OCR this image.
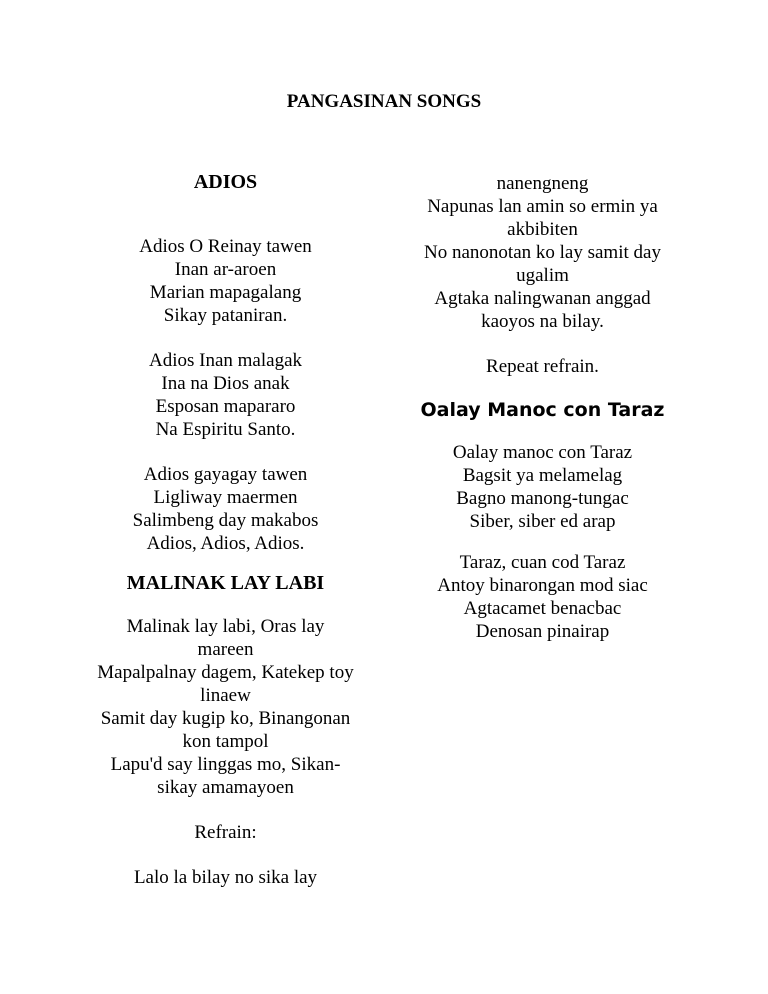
PANGASINAN SONGS
ADIOS
Adios O Reinay tawen
Inan ar-aroen
Marian mapagalang
Sikay pataniran.
Adios Inan malagak
Ina na Dios anak
Esposan mapararo
Na Espiritu Santo.
Adios gayagay tawen
Ligliway maermen
Salimbeng day makabos
Adios, Adios, Adios.
MALINAK LAY LABI
Malinak lay labi, Oras lay
mareen
Mapalpalnay dagem, Katekep toy
linaew
Samit day kugip ko, Binangonan
kon tampol
Lapu'd say linggas mo, Sikan-
sikay amamayoen
Refrain:
Lalo la bilay no sika lay
nanengneng
Napunas lan amin so ermin ya
akbibiten
No nanonotan ko lay samit day
ugalim
Agtaka nalingwanan anggad
kaoyos na bilay.
Repeat refrain.
Oalay Manoc con Taraz
Oalay manoc con Taraz
Bagsit ya melamelag
Bagno manong-tungac
Siber, siber ed arap
Taraz, cuan cod Taraz
Antoy binarongan mod siac
Agtacamet benacbac
Denosan pinairap
